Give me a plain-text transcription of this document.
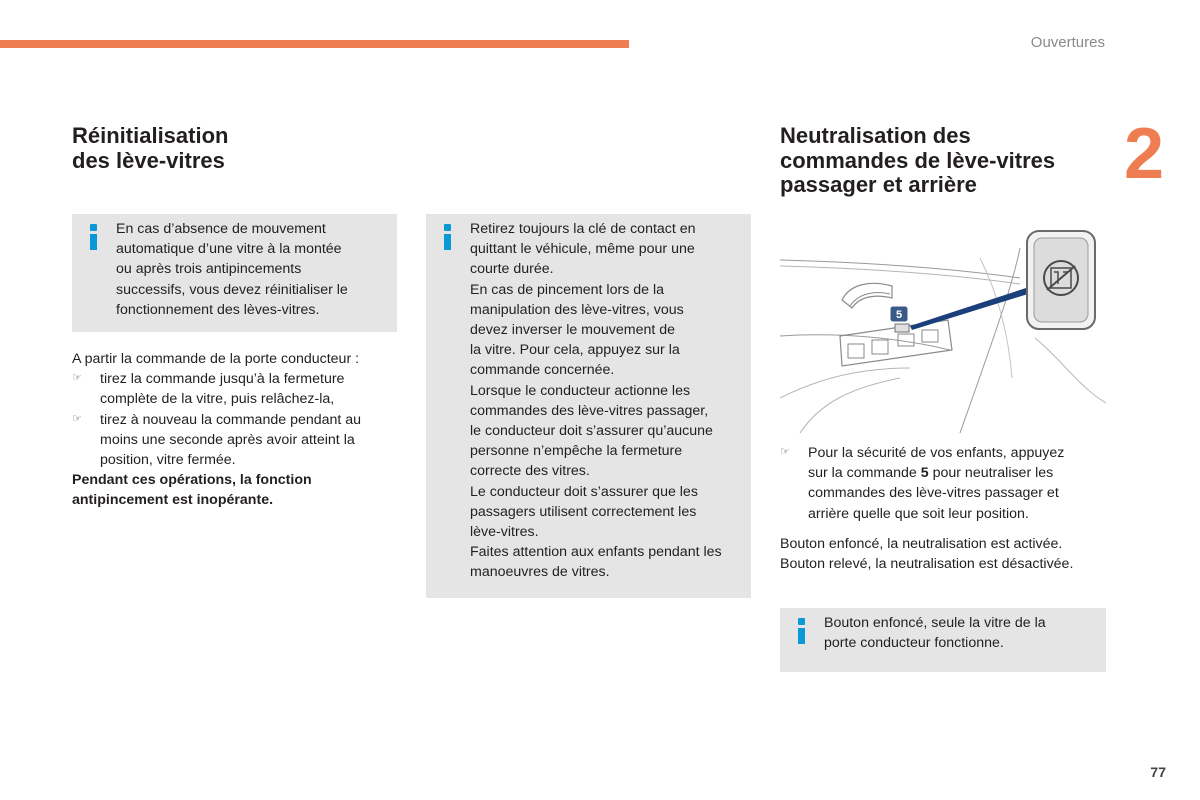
Ouvertures
2
Réinitialisation
des lève-vitres
En cas d’absence de mouvement
automatique d’une vitre à la montée
ou après trois antipincements
successifs, vous devez réinitialiser le
fonctionnement des lèves-vitres.

A partir la commande de la porte conducteur :

☞	tirez la commande jusqu’à la fermeture
complète de la vitre, puis relâchez-la,
☞	tirez à nouveau la commande pendant au
moins une seconde après avoir atteint la
position, vitre fermée.

Pendant ces opérations, la fonction
antipincement est inopérante.

Retirez toujours la clé de contact en
quittant le véhicule, même pour une
courte durée.
En cas de pincement lors de la
manipulation des lève-vitres, vous
devez inverser le mouvement de
la vitre. Pour cela, appuyez sur la
commande concernée.
Lorsque le conducteur actionne les
commandes des lève-vitres passager,
le conducteur doit s’assurer qu’aucune
personne n’empêche la fermeture
correcte des vitres.
Le conducteur doit s’assurer que les
passagers utilisent correctement les
lève-vitres.
Faites attention aux enfants pendant les
manoeuvres de vitres.
Neutralisation des
commandes de lève-vitres
passager et arrière
5
☞	Pour la sécurité de vos enfants, appuyez
sur la commande 5 pour neutraliser les
commandes des lève-vitres passager et
arrière quelle que soit leur position.

Bouton enfoncé, la neutralisation est activée.
Bouton relevé, la neutralisation est désactivée.

Bouton enfoncé, seule la vitre de la
porte conducteur fonctionne.
77
